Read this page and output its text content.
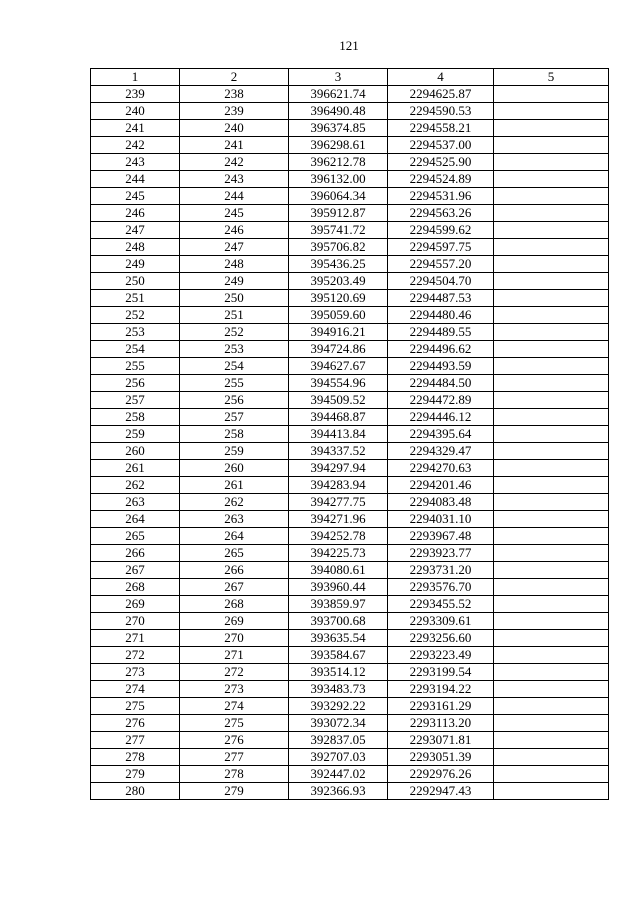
121
1	2	3	4	5
239	238	396621.74	2294625.87	
240	239	396490.48	2294590.53	
241	240	396374.85	2294558.21	
242	241	396298.61	2294537.00	
243	242	396212.78	2294525.90	
244	243	396132.00	2294524.89	
245	244	396064.34	2294531.96	
246	245	395912.87	2294563.26	
247	246	395741.72	2294599.62	
248	247	395706.82	2294597.75	
249	248	395436.25	2294557.20	
250	249	395203.49	2294504.70	
251	250	395120.69	2294487.53	
252	251	395059.60	2294480.46	
253	252	394916.21	2294489.55	
254	253	394724.86	2294496.62	
255	254	394627.67	2294493.59	
256	255	394554.96	2294484.50	
257	256	394509.52	2294472.89	
258	257	394468.87	2294446.12	
259	258	394413.84	2294395.64	
260	259	394337.52	2294329.47	
261	260	394297.94	2294270.63	
262	261	394283.94	2294201.46	
263	262	394277.75	2294083.48	
264	263	394271.96	2294031.10	
265	264	394252.78	2293967.48	
266	265	394225.73	2293923.77	
267	266	394080.61	2293731.20	
268	267	393960.44	2293576.70	
269	268	393859.97	2293455.52	
270	269	393700.68	2293309.61	
271	270	393635.54	2293256.60	
272	271	393584.67	2293223.49	
273	272	393514.12	2293199.54	
274	273	393483.73	2293194.22	
275	274	393292.22	2293161.29	
276	275	393072.34	2293113.20	
277	276	392837.05	2293071.81	
278	277	392707.03	2293051.39	
279	278	392447.02	2292976.26	
280	279	392366.93	2292947.43	
